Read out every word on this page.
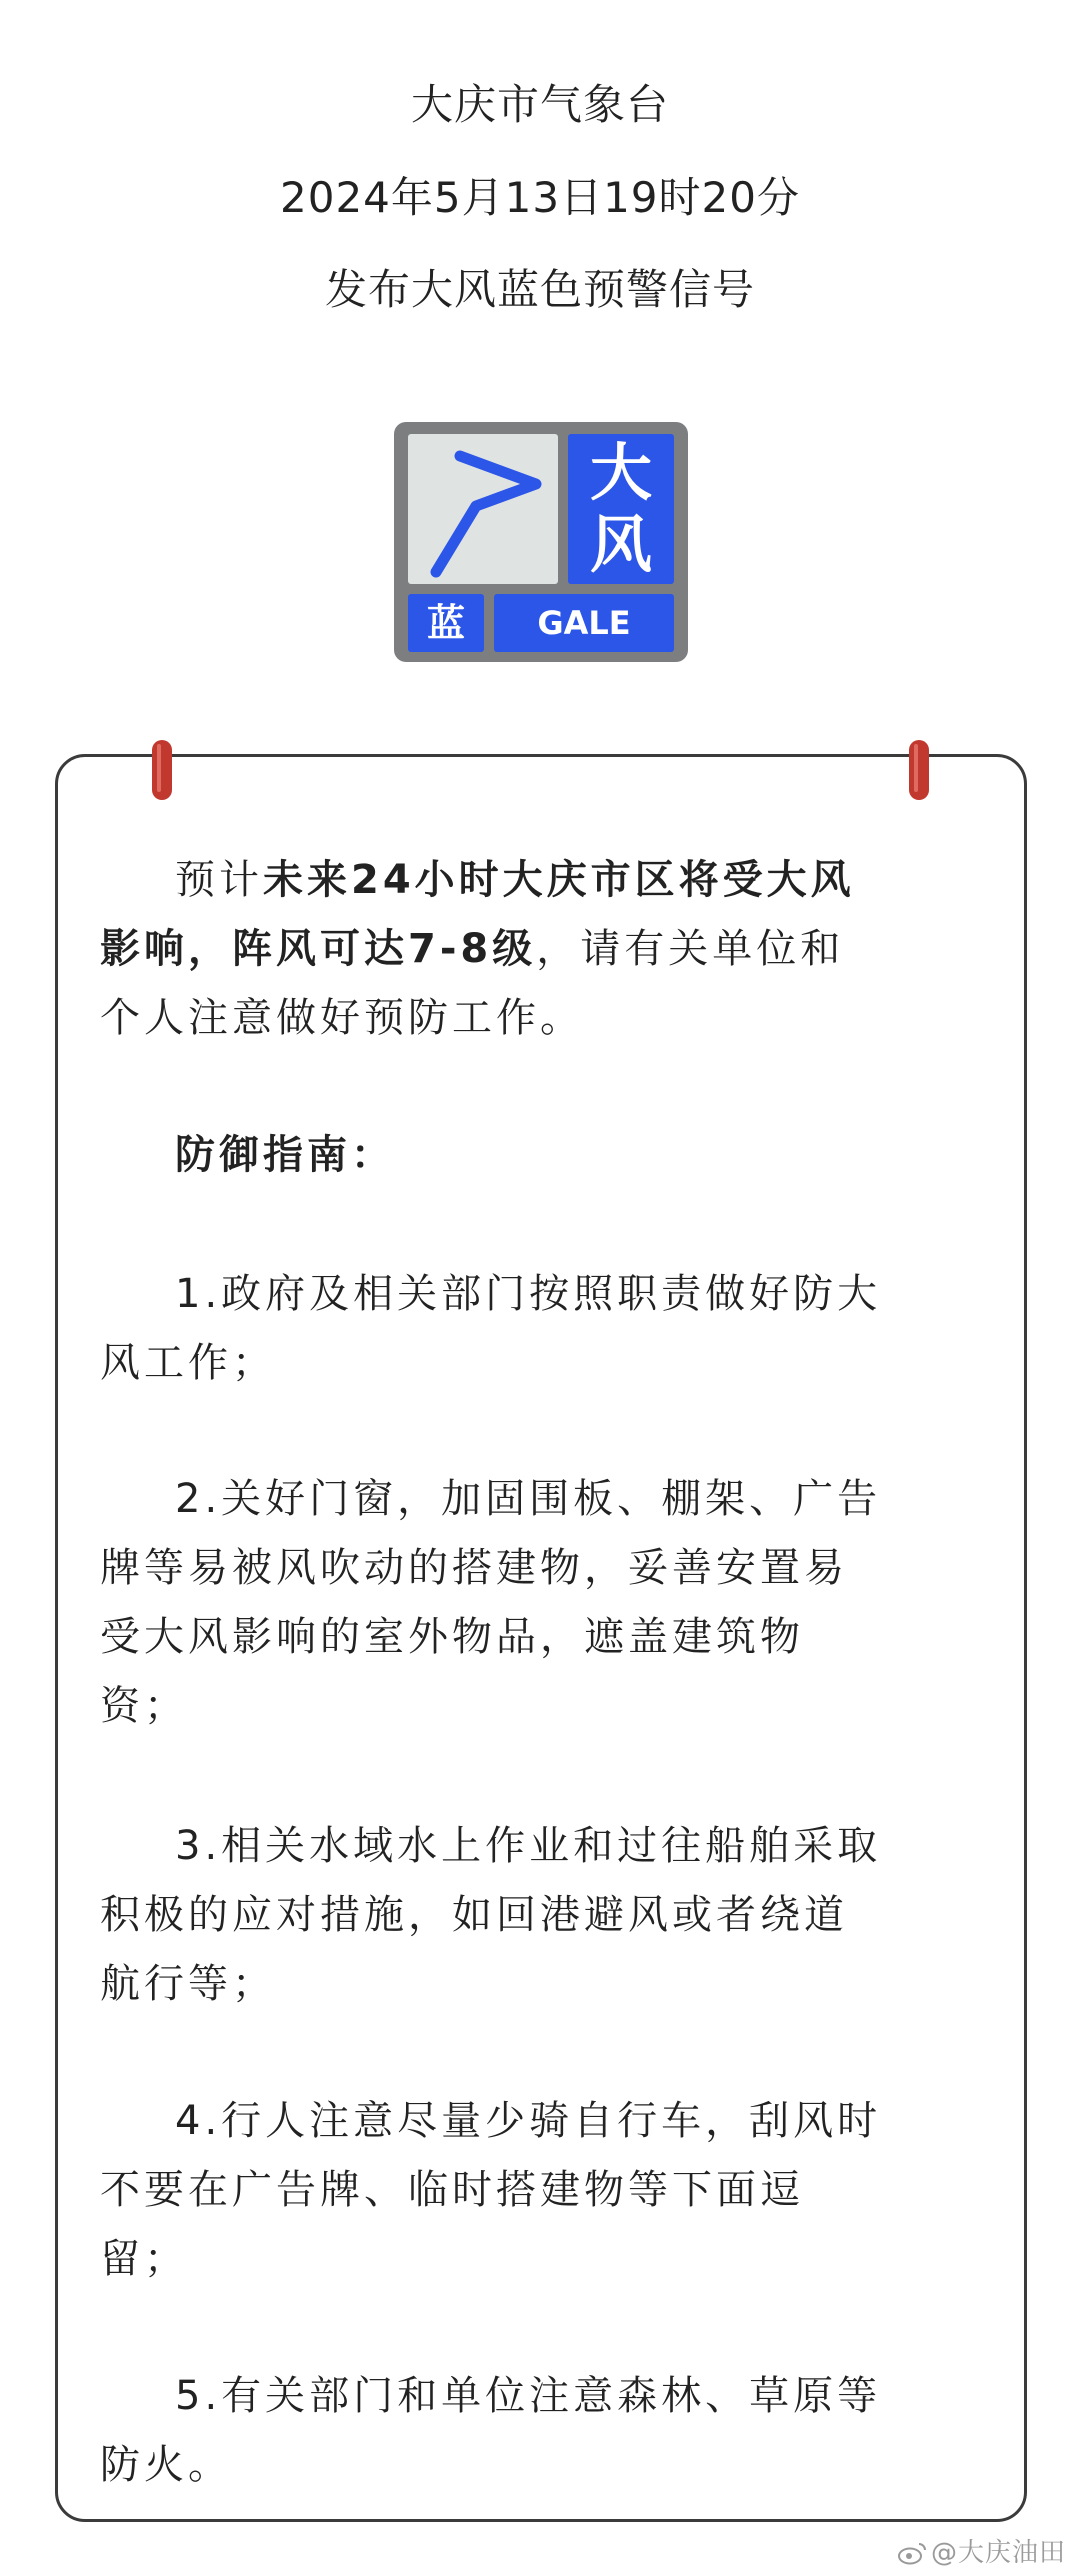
大庆市气象台
2024年5月13日19时20分
发布大风蓝色预警信号
大
风
蓝	GALE
预计未来24小时大庆市区将受大风
影响，阵风可达7-8级，请有关单位和
个人注意做好预防工作。
防御指南：
1.政府及相关部门按照职责做好防大
风工作；
2.关好门窗，加固围板、棚架、广告
牌等易被风吹动的搭建物，妥善安置易
受大风影响的室外物品，遮盖建筑物
资；
3.相关水域水上作业和过往船舶采取
积极的应对措施，如回港避风或者绕道
航行等；
4.行人注意尽量少骑自行车，刮风时
不要在广告牌、临时搭建物等下面逗
留；
5.有关部门和单位注意森林、草原等
防火。
@大庆油田
